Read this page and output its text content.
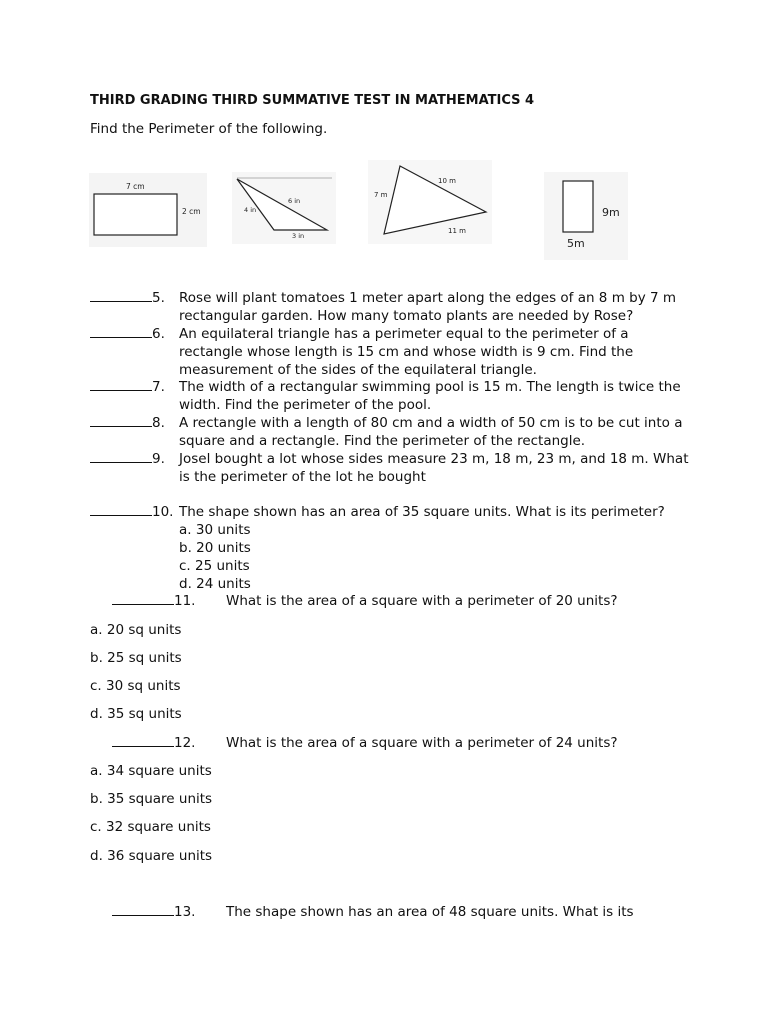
THIRD GRADING THIRD SUMMATIVE TEST IN MATHEMATICS 4
Find the Perimeter of the following.
7 cm
2 cm	4 in
6 in
3 in
7 m
10 m
11 m
9m
5m
5. Rose will plant tomatoes 1 meter apart along the edges of an 8 m by 7 m rectangular garden. How many tomato plants are needed by Rose?
6. An equilateral triangle has a perimeter equal to the perimeter of a rectangle whose length is 15 cm and whose width is 9 cm. Find the measurement of the sides of the equilateral triangle.
7. The width of a rectangular swimming pool is 15 m. The length is twice the width. Find the perimeter of the pool.
8. A rectangle with a length of 80 cm and a width of 50 cm is to be cut into a square and a rectangle. Find the perimeter of the rectangle.
9. Josel bought a lot whose sides measure 23 m, 18 m, 23 m, and 18 m. What is the perimeter of the lot he bought
10. The shape shown has an area of 35 square units. What is its perimeter?
a. 30 units
b. 20 units
c. 25 units
d. 24 units
11. What is the area of a square with a perimeter of 20 units?
a. 20 sq units
b. 25 sq units
c. 30 sq units
d. 35 sq units
12. What is the area of a square with a perimeter of 24 units?
a. 34 square units
b. 35 square units
c. 32 square units
d. 36 square units
13. The shape shown has an area of 48 square units. What is its
